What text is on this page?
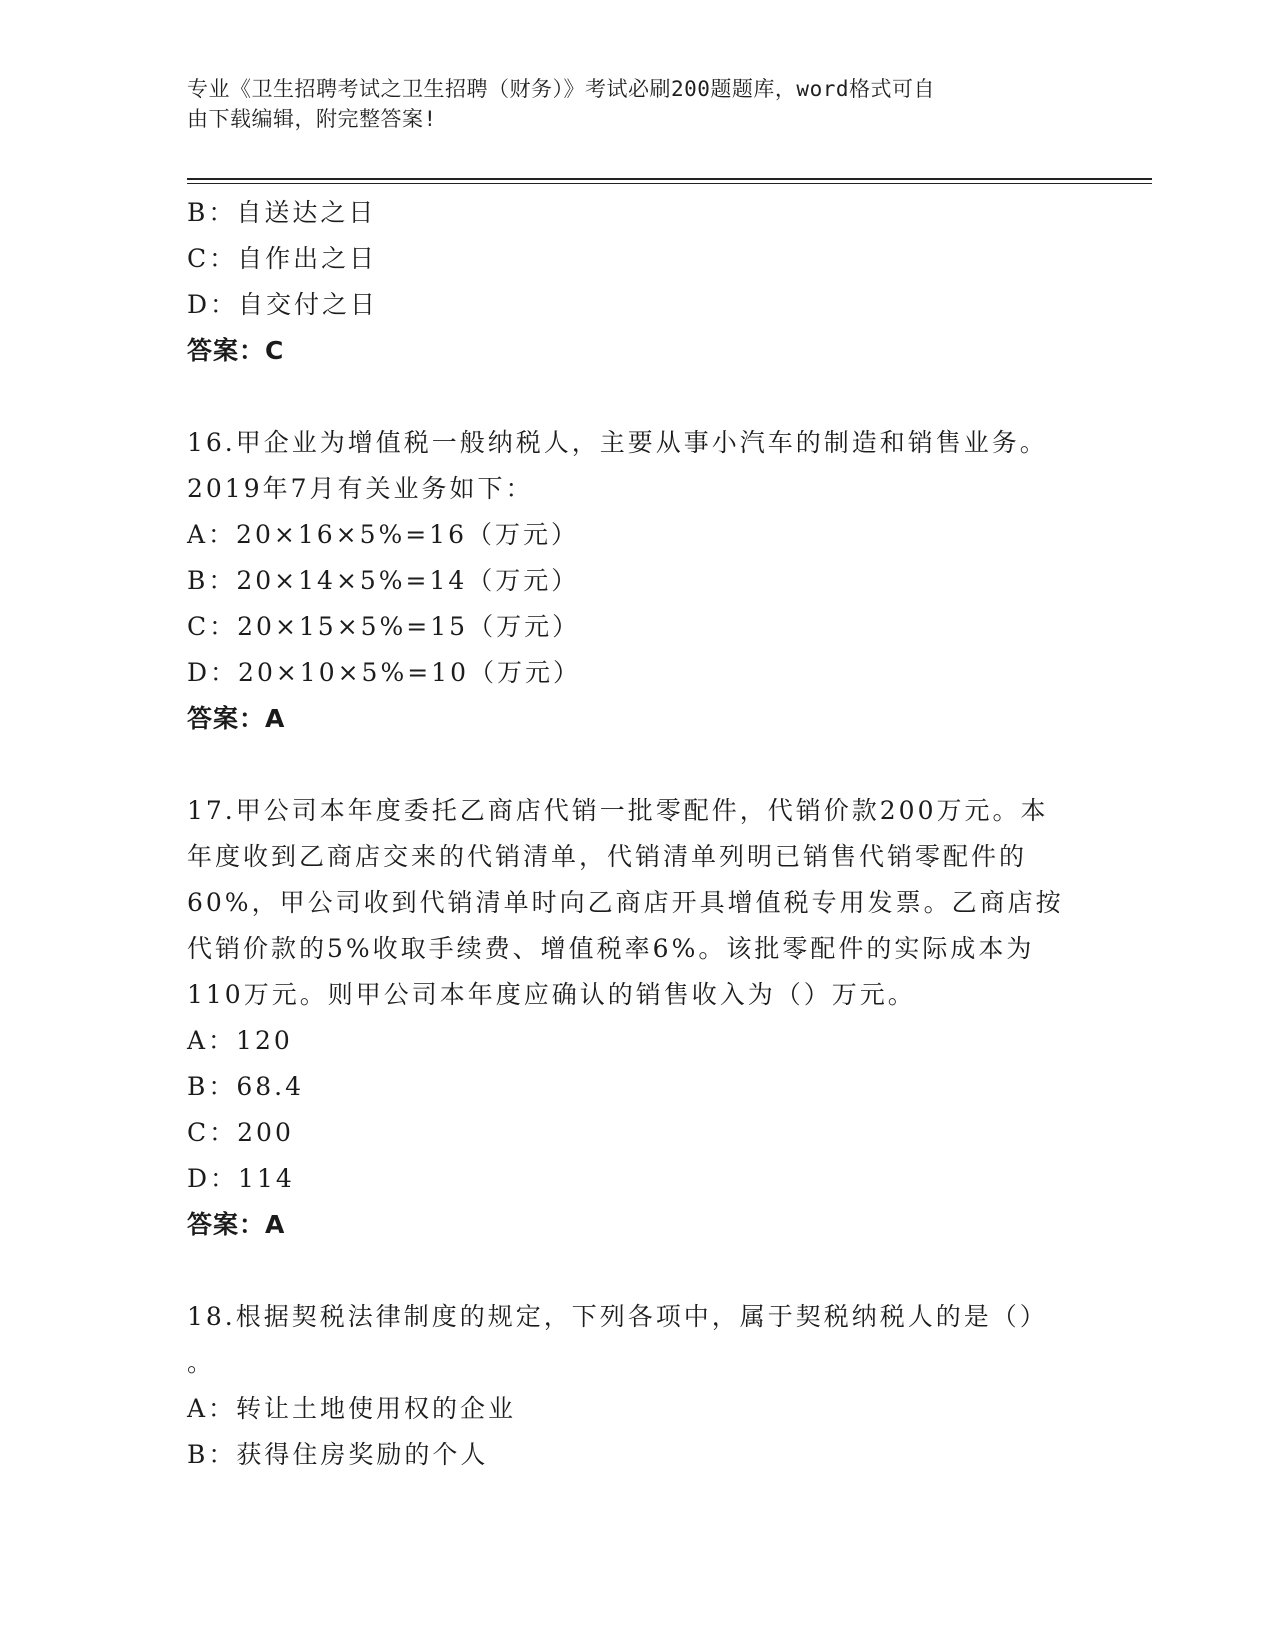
专业《卫生招聘考试之卫生招聘（财务）》考试必刷200题题库，word格式可自
由下载编辑，附完整答案!
B：自送达之日
C：自作出之日
D：自交付之日
答案：C
16.甲企业为增值税一般纳税人，主要从事小汽车的制造和销售业务。
2019年7月有关业务如下：
A：20×16×5%=16（万元）
B：20×14×5%=14（万元）
C：20×15×5%=15（万元）
D：20×10×5%=10（万元）
答案：A
17.甲公司本年度委托乙商店代销一批零配件，代销价款200万元。本
年度收到乙商店交来的代销清单，代销清单列明已销售代销零配件的
60%，甲公司收到代销清单时向乙商店开具增值税专用发票。乙商店按
代销价款的5%收取手续费、增值税率6%。该批零配件的实际成本为
110万元。则甲公司本年度应确认的销售收入为（）万元。
A：120
B：68.4
C：200
D：114
答案：A
18.根据契税法律制度的规定，下列各项中，属于契税纳税人的是（）
。
A：转让土地使用权的企业
B：获得住房奖励的个人
